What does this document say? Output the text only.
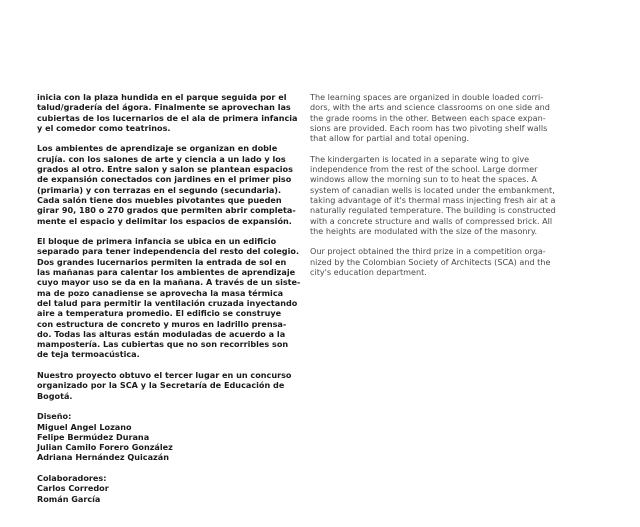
inicia con la plaza hundida en el parque seguida por el
talud/gradería del ágora. Finalmente se aprovechan las
cubiertas de los lucernarios de el ala de primera infancia
y el comedor como teatrinos.
Los ambientes de aprendizaje se organizan en doble
crujía. con los salones de arte y ciencia a un lado y los
grados al otro. Entre salon y salon se plantean espacios
de expansión conectados con jardines en el primer piso
(primaria) y con terrazas en el segundo (secundaria).
Cada salón tiene dos muebles pivotantes que pueden
girar 90, 180 o 270 grados que permiten abrir completa-
mente el espacio y delimitar los espacios de expansión.
El bloque de primera infancia se ubica en un edificio
separado para tener independencia del resto del colegio.
Dos grandes lucernarios permiten la entrada de sol en
las mañanas para calentar los ambientes de aprendizaje
cuyo mayor uso se da en la mañana. A través de un siste-
ma de pozo canadiense se aprovecha la masa térmica
del talud para permitir la ventilación cruzada inyectando
aire a temperatura promedio. El edificio se construye
con estructura de concreto y muros en ladrillo prensa-
do. Todas las alturas están moduladas de acuerdo a la
mampostería. Las cubiertas que no son recorribles son
de teja termoacústica.
Nuestro proyecto obtuvo el tercer lugar en un concurso
organizado por la SCA y la Secretaría de Educación de
Bogotá.
Diseño:
Miguel Angel Lozano
Felipe Bermúdez Durana
Julian Camilo Forero González
Adriana Hernández Quicazán
Colaboradores:
Carlos Corredor
Román García
The learning spaces are organized in double loaded corri-
dors, with the arts and science classrooms on one side and
the grade rooms in the other. Between each space expan-
sions are provided. Each room has two pivoting shelf walls
that allow for partial and total opening.
The kindergarten is located in a separate wing to give
independence from the rest of the school. Large dormer
windows allow the morning sun to to heat the spaces. A
system of canadian wells is located under the embankment,
taking advantage of it's thermal mass injecting fresh air at a
naturally regulated temperature. The building is constructed
with a concrete structure and walls of compressed brick. All
the heights are modulated with the size of the masonry.
Our project obtained the third prize in a competition orga-
nized by the Colombian Society of Architects (SCA) and the
city's education department.
